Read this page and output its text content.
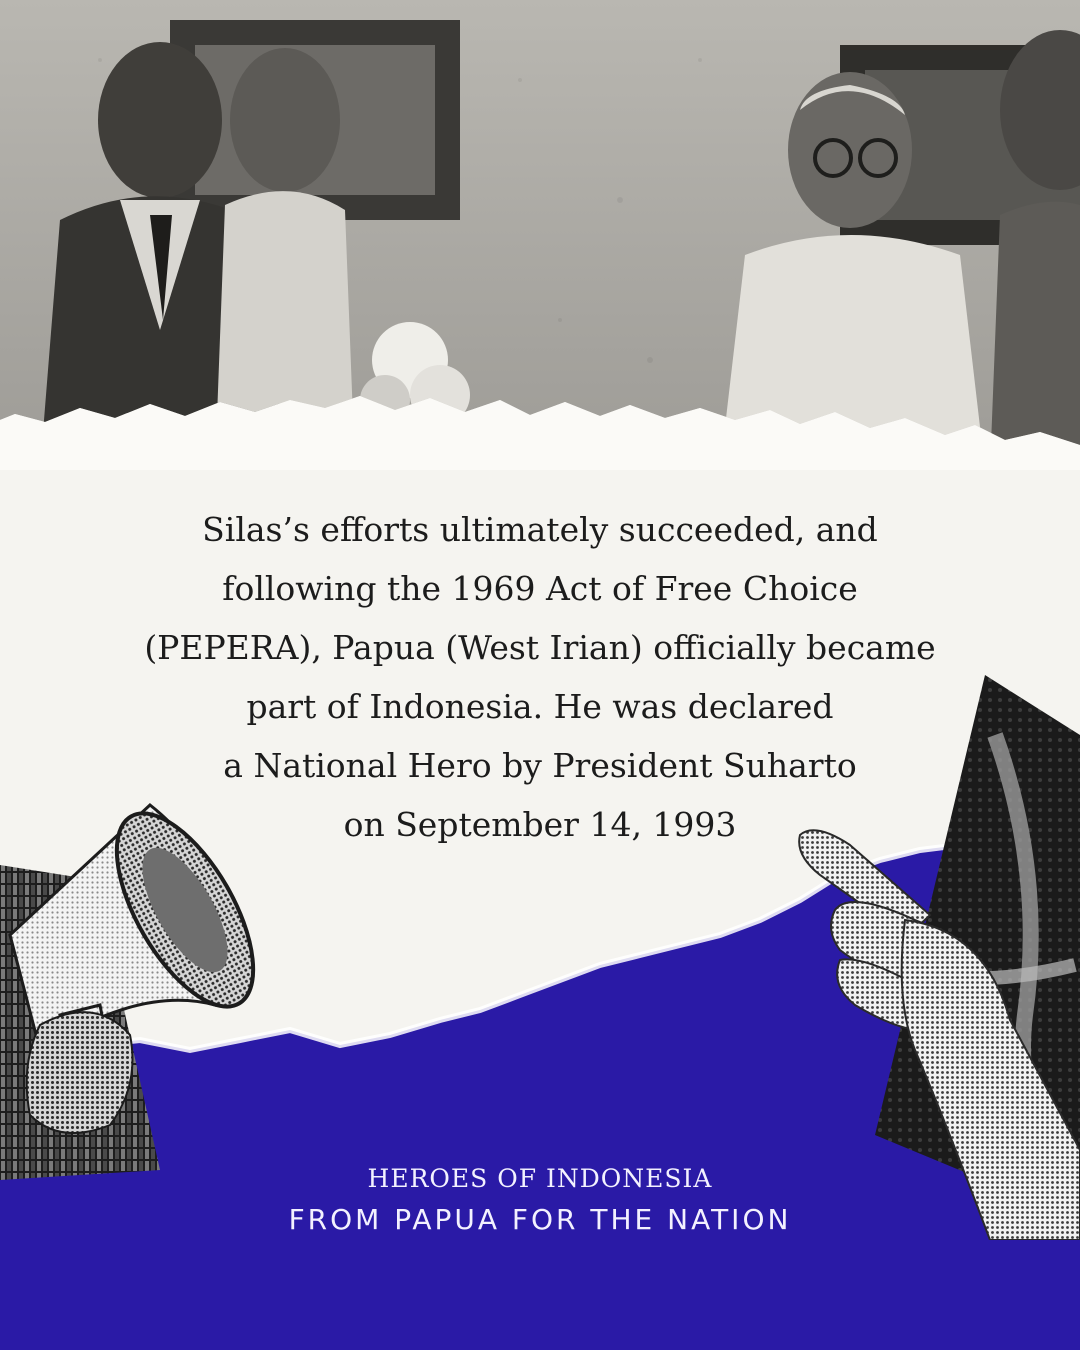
Silas’s efforts ultimately succeeded, and
following the 1969 Act of Free Choice
(PEPERA), Papua (West Irian) officially became
part of Indonesia. He was declared
a National Hero by President Suharto
on September 14, 1993

HEROES OF INDONESIA
FROM PAPUA FOR THE NATION
